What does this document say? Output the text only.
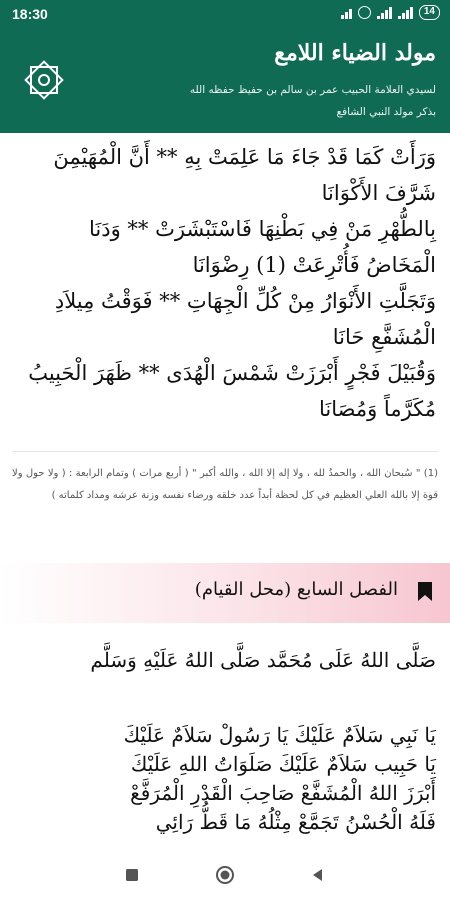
18:30	14
مولد الضياء اللامع
لسيدي العلامة الحبيب عمر بن سالم بن حفيظ حفظه الله
بذكر مولد النبي الشافع

وَرَأَتْ كَمَا قَدْ جَاءَ مَا عَلِمَتْ بِهِ ** أَنَّ الْمُهَيْمِنَ شَرَّفَ الأَكْوَانَا

بِالطُّهْرِ مَنْ فِي بَطْنِهَا فَاسْتَبْشَرَتْ ** وَدَنَا الْمَخَاضُ فَأُتْرِعَتْ (1) رِضْوَانَا

وَتَجَلَّتِ الأَنْوَارُ مِنْ كُلِّ الْجِهَاتِ ** فَوَقْتُ مِيلاَدِ الْمُشَفَّعِ حَانَا

وَقُبَيْلَ فَجْرٍ أَبْرَزَتْ شَمْسَ الْهُدَى ** ظَهَرَ الْحَبِيبُ مُكَرَّماً وَمُصَانَا

(1) " سُبحان الله ، والحمدُ لله ، ولا إله إلا الله ، والله أكبر " ( أربع مرات ) وتمام الرابعة : ( ولا حول ولا قوة إلا بالله العلي العظيم في كل لحظة أبداً عدد خلقه ورضاء نفسه وزنة عرشه ومداد كلماته )

الفصل السابع (محل القيام)

صَلَّى اللهُ عَلَى مُحَمَّد صَلَّى اللهُ عَلَيْهِ وَسَلَّم

يَا نَبِي سَلاَمٌ عَلَيْكَ يَا رَسُولْ سَلاَمٌ عَلَيْكَ

يَا حَبِيب سَلاَمٌ عَلَيْكَ صَلَوَاتُ اللهِ عَلَيْكَ

أَبْرَزَ اللهُ الْمُشَفَّعْ صَاحِبَ الْقَدْرِ الْمُرَفَّعْ

فَلَهُ الْحُسْنُ تَجَمَّعْ مِثْلُهُ مَا قَطُّ رَائِي
